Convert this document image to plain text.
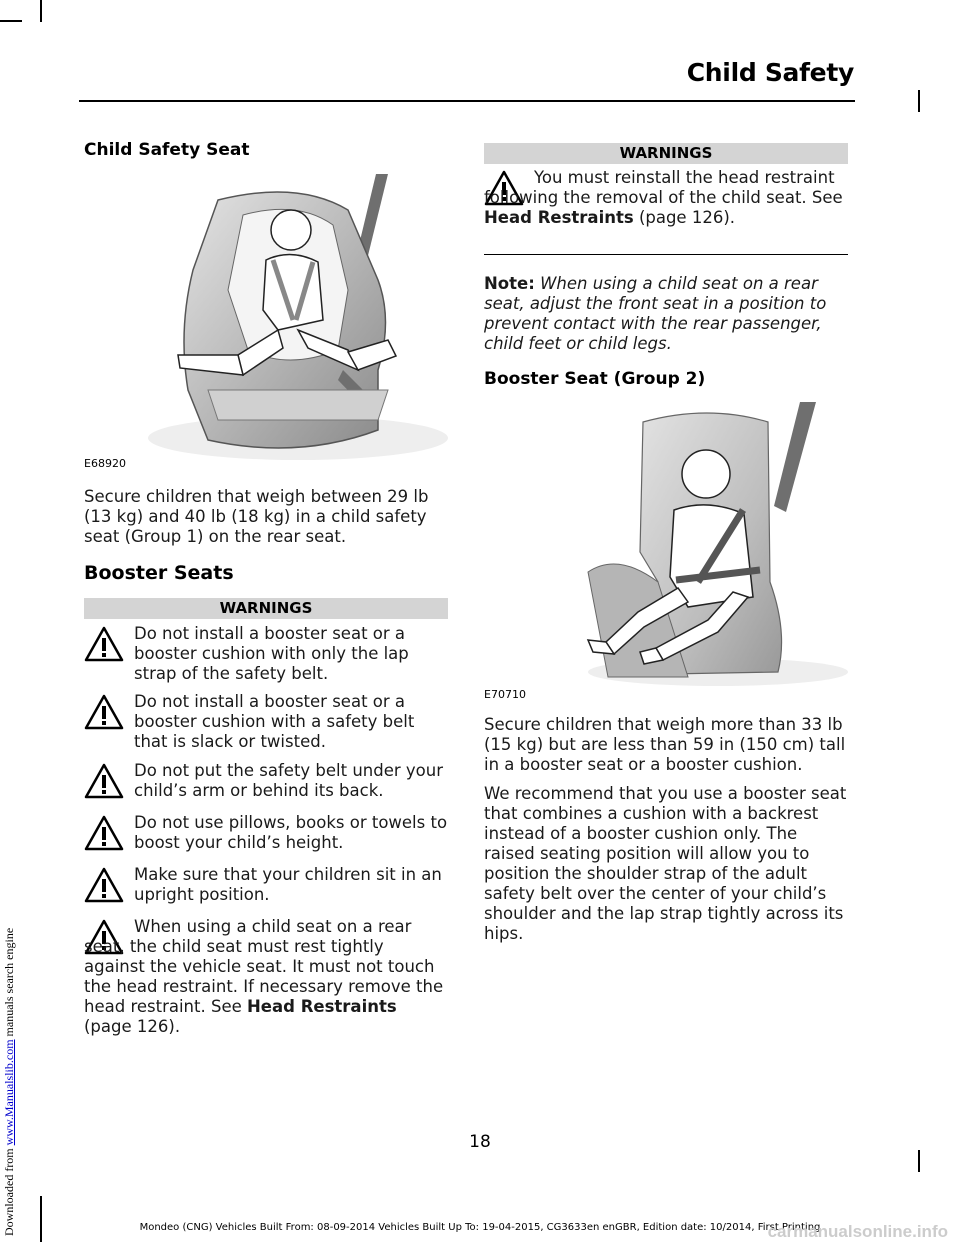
Downloaded from www.Manualslib.com manuals search engine
Child Safety
Child Safety Seat
E68920

Secure children that weigh between 29 lb (13 kg) and 40 lb (18 kg) in a child safety seat (Group 1) on the rear seat.

Booster Seats
WARNINGS
Do not install a booster seat or a booster cushion with only the lap strap of the safety belt.
Do not install a booster seat or a booster cushion with a safety belt that is slack or twisted.
Do not put the safety belt under your child’s arm or behind its back.
Do not use pillows, books or towels to boost your child’s height.
Make sure that your children sit in an upright position.
When using a child seat on a rear seat, the child seat must rest tightly against the vehicle seat. It must not touch the head restraint. If necessary remove the head restraint. See Head Restraints (page 126).
WARNINGS
You must reinstall the head restraint following the removal of the child seat. See Head Restraints (page 126).

Note: When using a child seat on a rear seat, adjust the front seat in a position to prevent contact with the rear passenger, child feet or child legs.

Booster Seat (Group 2)
E70710

Secure children that weigh more than 33 lb (15 kg) but are less than 59 in (150 cm) tall in a booster seat or a booster cushion.

We recommend that you use a booster seat that combines a cushion with a backrest instead of a booster cushion only. The raised seating position will allow you to position the shoulder strap of the adult safety belt over the center of your child’s shoulder and the lap strap tightly across its hips.

18
Mondeo (CNG) Vehicles Built From: 08-09-2014 Vehicles Built Up To: 19-04-2015, CG3633en enGBR, Edition date: 10/2014, First Printing
carmanualsonline.info
